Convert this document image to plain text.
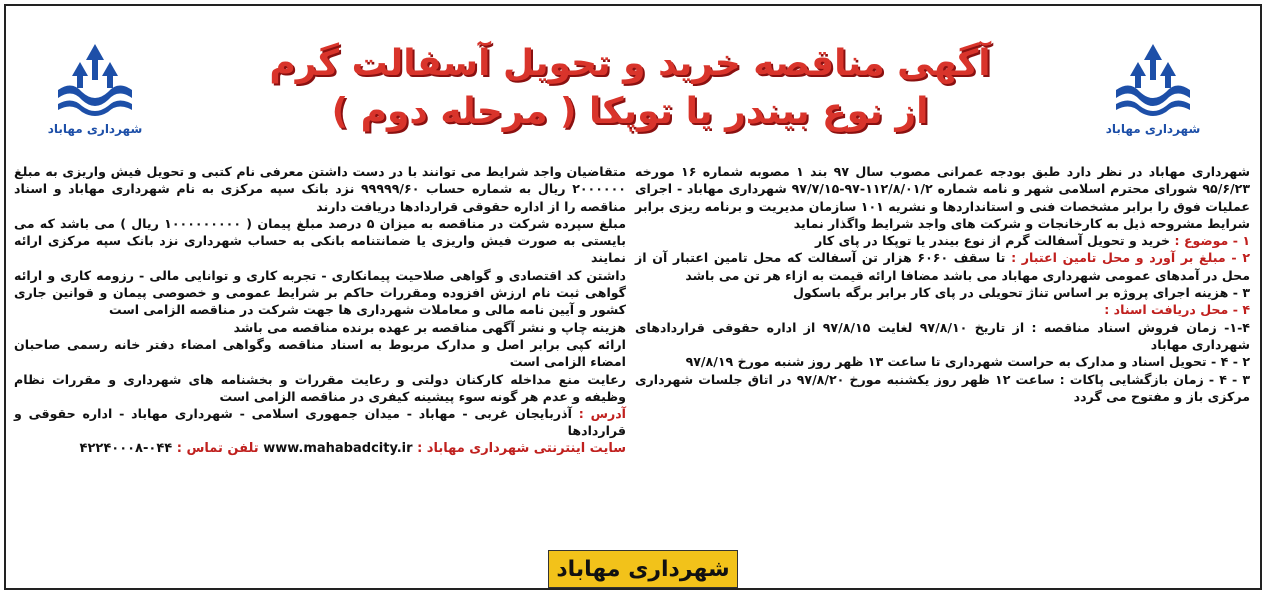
شهرداری مهاباد
شهرداری مهاباد
آگهی مناقصه خرید و تحویل آسفالت گرم
از نوع بیندر یا توپکا ( مرحله دوم )

شهرداری مهاباد در نظر دارد طبق بودجه عمرانی مصوب سال ۹۷ بند ۱ مصوبه شماره ۱۶ مورخه ۹۵/۶/۲۳ شورای محترم اسلامی شهر و نامه شماره ۱۱۲/۸/۰۱/۲-۹۷-۹۷/۷/۱۵ شهرداری مهاباد - اجرای عملیات فوق را برابر مشخصات فنی و استانداردها و نشریه ۱۰۱ سازمان مدیریت و برنامه ریزی برابر شرایط مشروحه ذیل به کارخانجات و شرکت های واجد شرایط واگذار نماید

۱ - موضوع : خرید و تحویل آسفالت گرم از نوع بیندر یا توپکا در پای کار

۲ - مبلغ بر آورد و محل تامین اعتبار : تا سقف ۶۰۶۰ هزار تن آسفالت که محل تامین اعتبار آن از محل در آمدهای عمومی شهرداری مهاباد می باشد مضافا ارائه قیمت به ازاء هر تن می باشد

۳ - هزینه اجرای پروژه بر اساس تناژ تحویلی در پای کار برابر برگه باسکول

۴ - محل دریافت اسناد :

۱-۴- زمان فروش اسناد مناقصه : از تاریخ ۹۷/۸/۱۰ لغایت ۹۷/۸/۱۵ از اداره حقوقی قراردادهای شهرداری مهاباد

۲ - ۴ - تحویل اسناد و مدارک به حراست شهرداری تا ساعت ۱۳ ظهر روز شنبه مورخ ۹۷/۸/۱۹

۳ - ۴ - زمان بازگشایی پاکات : ساعت ۱۲ ظهر روز یکشنبه مورخ ۹۷/۸/۲۰ در اتاق جلسات شهرداری مرکزی باز و مفتوح می گردد

متقاضیان واجد شرایط می توانند با در دست داشتن معرفی نام کتبی و تحویل فیش واریزی به مبلغ ۲۰۰۰۰۰۰ ریال به شماره حساب ۹۹۹۹۹/۶۰ نزد بانک سپه مرکزی به نام شهرداری مهاباد و اسناد مناقصه را از اداره حقوقی قراردادها دریافت دارند

مبلغ سپرده شرکت در مناقصه به میزان ۵ درصد مبلغ پیمان ( ۱۰۰۰۰۰۰۰۰۰ ریال ) می باشد که می بایستی به صورت فیش واریزی یا ضمانتنامه بانکی به حساب شهرداری نزد بانک سپه مرکزی ارائه نمایند

داشتن کد اقتصادی و گواهی صلاحیت پیمانکاری - تجربه کاری و توانایی مالی - رزومه کاری و ارائه گواهی ثبت نام ارزش افزوده ومقررات حاکم بر شرایط عمومی و خصوصی پیمان و قوانین جاری کشور و آیین نامه مالی و معاملات شهرداری ها جهت شرکت در مناقصه الزامی است

هزینه چاپ و نشر آگهی مناقصه بر عهده برنده مناقصه می باشد

ارائه کپی برابر اصل و مدارک مربوط به اسناد مناقصه وگواهی امضاء دفتر خانه رسمی صاحبان امضاء الزامی است

رعایت منع مداخله کارکنان دولتی و رعایت مقررات و بخشنامه های شهرداری و مقررات نظام وظیفه و عدم هر گونه سوء پیشینه کیفری در مناقصه الزامی است

آدرس : آذربایجان غربی - مهاباد - میدان جمهوری اسلامی - شهرداری مهاباد - اداره حقوقی و قراردادها

سایت اینترنتی شهرداری مهاباد : www.mahabadcity.ir تلفن تماس : ۰۴۴-۴۲۲۴۰۰۰۸

شهرداری مهاباد
